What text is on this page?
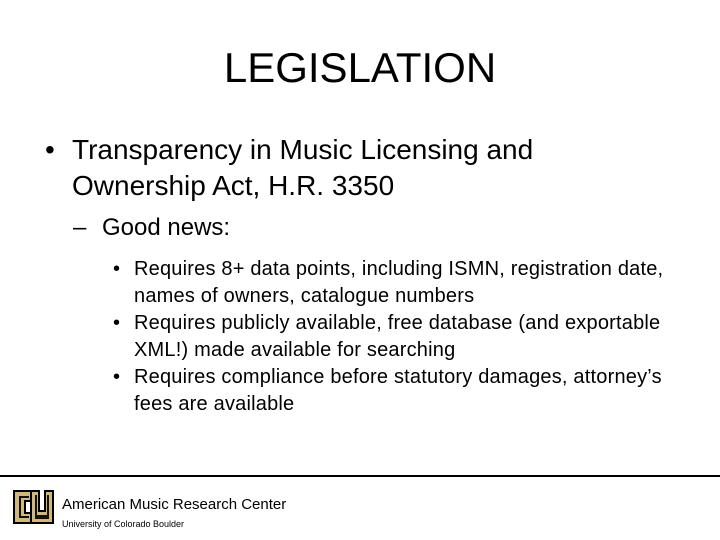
LEGISLATION
• Transparency in Music Licensing and Ownership Act, H.R. 3350
– Good news:
• Requires 8+ data points, including ISMN, registration date, names of owners, catalogue numbers
• Requires publicly available, free database (and exportable XML!) made available for searching
• Requires compliance before statutory damages, attorney’s fees are available
American Music Research Center
University of Colorado Boulder
